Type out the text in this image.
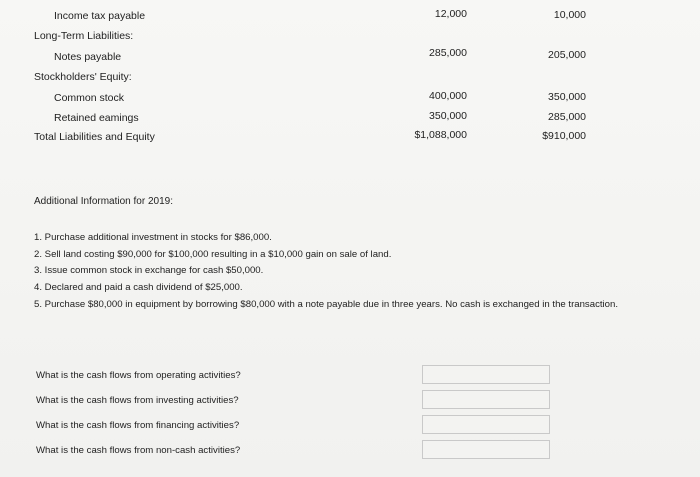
Income tax payable	12,000	10,000
Long-Term Liabilities:
Notes payable	285,000	205,000
Stockholders' Equity:
Common stock	400,000	350,000
Retained eamings	350,000	285,000
Total Liabilities and Equity	$1,088,000	$910,000
Additional Information for 2019:
1. Purchase additional investment in stocks for $86,000.
2. Sell land costing $90,000 for $100,000 resulting in a $10,000 gain on sale of land.
3. Issue common stock in exchange for cash $50,000.
4. Declared and paid a cash dividend of $25,000.
5. Purchase $80,000 in equipment by borrowing $80,000 with a note payable due in three years. No cash is exchanged in the transaction.
What is the cash flows from operating activities?
What is the cash flows from investing activities?
What is the cash flows from financing activities?
What is the cash flows from non-cash activities?
